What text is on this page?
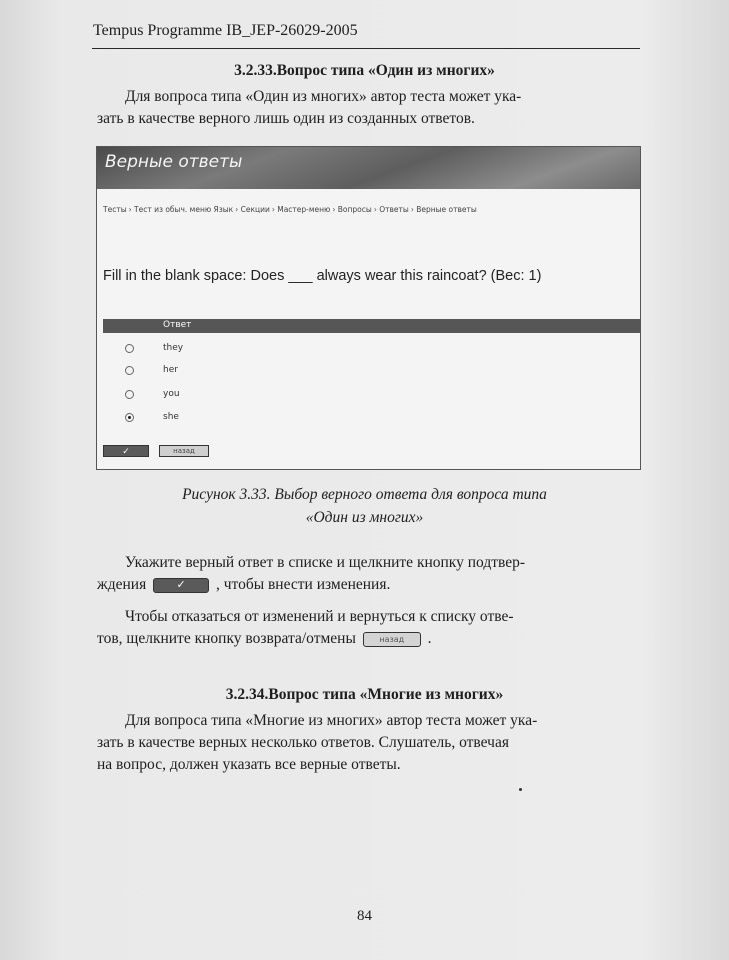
Tempus Programme IB_JEP-26029-2005
3.2.33.Вопрос типа «Один из многих»
Для вопроса типа «Один из многих» автор теста может ука-
зать в качестве верного лишь один из созданных ответов.
Верные ответы
Тесты › Тест из обыч. меню Язык › Секции › Мастер-меню › Вопросы › Ответы › Верные ответы
Fill in the blank space: Does ___ always wear this raincoat? (Вес: 1)
Ответ
they
her
you
she
✓	назад
Рисунок 3.33. Выбор верного ответа для вопроса типа
«Один из многих»
Укажите верный ответ в списке и щелкните кнопку подтвер-
ждения	✓ , чтобы внести изменения.
Чтобы отказаться от изменений и вернуться к списку отве-
тов, щелкните кнопку возврата/отмены	назад .
3.2.34.Вопрос типа «Многие из многих»
Для вопроса типа «Многие из многих» автор теста может ука-
зать в качестве верных несколько ответов. Слушатель, отвечая
на вопрос, должен указать все верные ответы.
84
